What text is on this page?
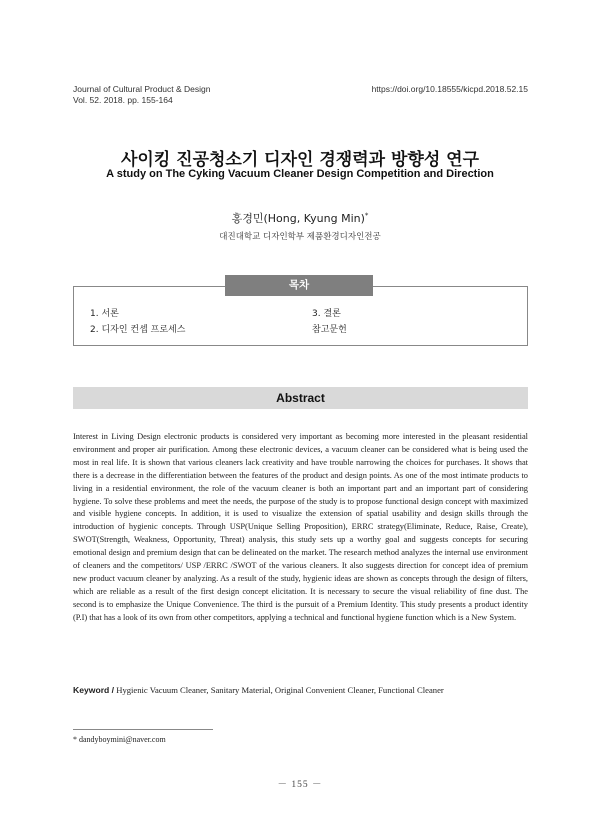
Journal of Cultural Product & Design
Vol. 52. 2018. pp. 155-164
https://doi.org/10.18555/kicpd.2018.52.15
사이킹 진공청소기 디자인 경쟁력과 방향성 연구
A study on The Cyking Vacuum Cleaner Design Competition and Direction
홍경민(Hong, Kyung Min)*
대진대학교 디자인학부 제품환경디자인전공
목차
1. 서론
2. 디자인 컨셉 프로세스
3. 결론
참고문헌
Abstract

Interest in Living Design electronic products is considered very important as becoming more interested in the pleasant residential environment and proper air purification. Among these electronic devices, a vacuum cleaner can be considered what is being used the most in real life. It is shown that various cleaners lack creativity and have trouble narrowing the choices for purchases. It shows that there is a decrease in the differentiation between the features of the product and design points. As one of the most intimate products to living in a residential environment, the role of the vacuum cleaner is both an important part and an important part of considering hygiene. To solve these problems and meet the needs, the purpose of the study is to propose functional design concept with maximized and visible hygiene concepts. In addition, it is used to visualize the extension of spatial usability and design skills through the introduction of hygienic concepts. Through USP(Unique Selling Proposition), ERRC strategy(Eliminate, Reduce, Raise, Create), SWOT(Strength, Weakness, Opportunity, Threat) analysis, this study sets up a worthy goal and suggests concepts for securing emotional design and premium design that can be delineated on the market. The research method analyzes the internal use environment of cleaners and the competitors/ USP /ERRC /SWOT of the various cleaners. It also suggests direction for concept idea of premium new product vacuum cleaner by analyzing. As a result of the study, hygienic ideas are shown as concepts through the design of filters, which are reliable as a result of the first design concept elicitation. It is necessary to secure the visual reliability of fine dust. The second is to emphasize the Unique Convenience. The third is the pursuit of a Premium Identity. This study presents a product identity (P.I) that has a look of its own from other competitors, applying a technical and functional hygiene function which is a New System.

Keyword / Hygienic Vacuum Cleaner, Sanitary Material, Original Convenient Cleaner, Functional Cleaner
* dandyboymini@naver.com
－ 155 －
